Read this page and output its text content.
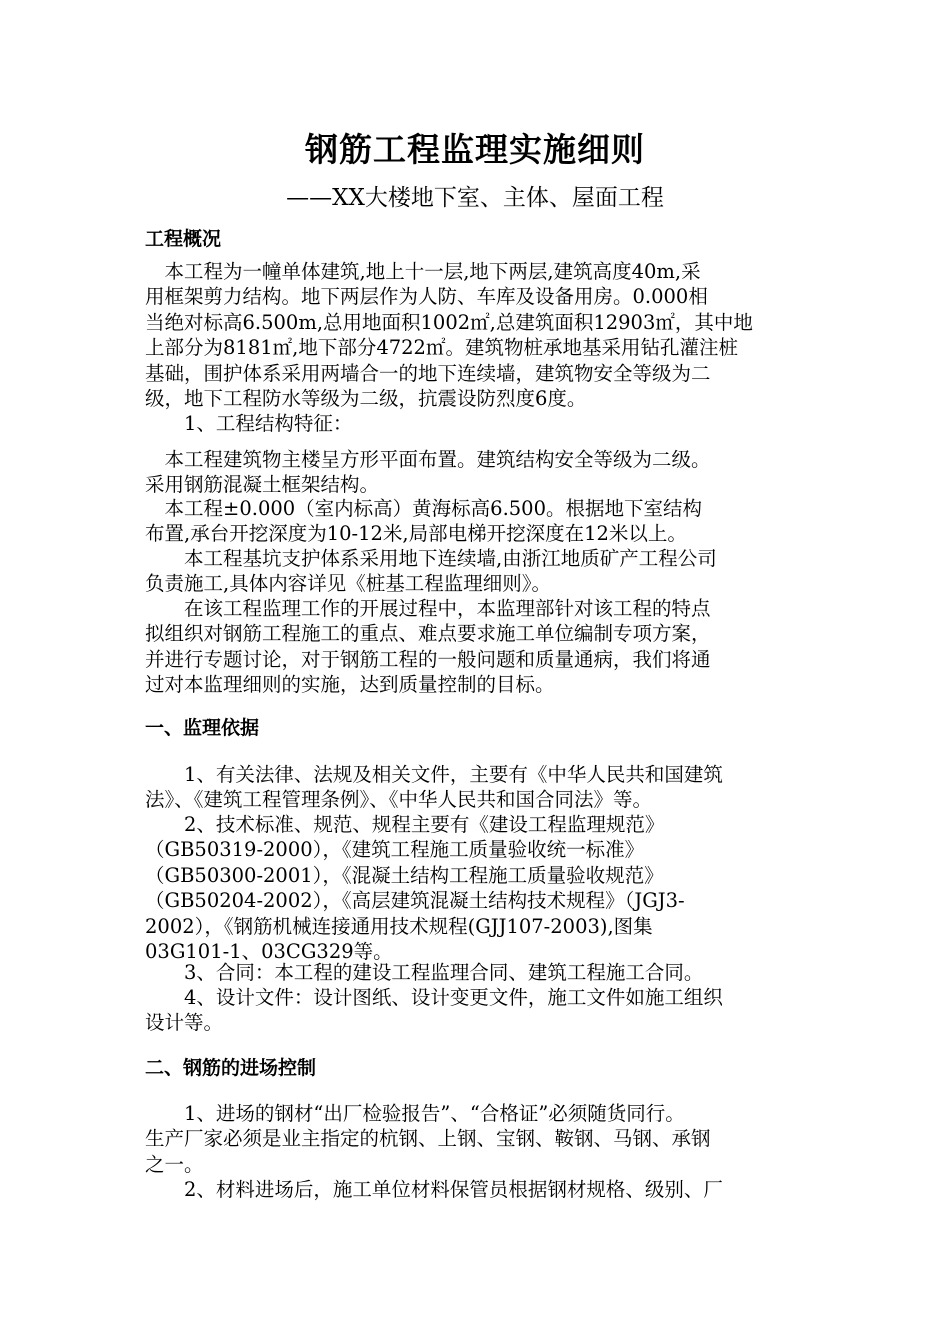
钢筋工程监理实施细则
——XX大楼地下室、主体、屋面工程
工程概况
　本工程为一幢单体建筑,地上十一层,地下两层,建筑高度40m,采
用框架剪力结构。地下两层作为人防、车库及设备用房。0.000相
当绝对标高6.500m,总用地面积1002㎡,总建筑面积12903㎡，其中地
上部分为8181㎡,地下部分4722㎡。建筑物桩承地基采用钻孔灌注桩
基础，围护体系采用两墙合一的地下连续墙，建筑物安全等级为二
级，地下工程防水等级为二级，抗震设防烈度6度。
　　1、工程结构特征：
　本工程建筑物主楼呈方形平面布置。建筑结构安全等级为二级。
采用钢筋混凝土框架结构。
　本工程±0.000（室内标高）黄海标高6.500。根据地下室结构
布置,承台开挖深度为10-12米,局部电梯开挖深度在12米以上。
　　本工程基坑支护体系采用地下连续墙,由浙江地质矿产工程公司
负责施工,具体内容详见《桩基工程监理细则》。
　　在该工程监理工作的开展过程中，本监理部针对该工程的特点
拟组织对钢筋工程施工的重点、难点要求施工单位编制专项方案，
并进行专题讨论，对于钢筋工程的一般问题和质量通病，我们将通
过对本监理细则的实施，达到质量控制的目标。
一、监理依据
　　1、有关法律、法规及相关文件，主要有《中华人民共和国建筑
法》、《建筑工程管理条例》、《中华人民共和国合同法》等。
　　2、技术标准、规范、规程主要有《建设工程监理规范》
（GB50319-2000），《建筑工程施工质量验收统一标准》
（GB50300-2001），《混凝土结构工程施工质量验收规范》
（GB50204-2002），《高层建筑混凝土结构技术规程》（JGJ3-
2002），《钢筋机械连接通用技术规程(GJJ107-2003),图集
03G101-1、03CG329等。
　　3、合同：本工程的建设工程监理合同、建筑工程施工合同。
　　4、设计文件：设计图纸、设计变更文件，施工文件如施工组织
设计等。
二、钢筋的进场控制
　　1、进场的钢材“出厂检验报告”、“合格证”必须随货同行。
生产厂家必须是业主指定的杭钢、上钢、宝钢、鞍钢、马钢、承钢
之一。
　　2、材料进场后，施工单位材料保管员根据钢材规格、级别、厂
